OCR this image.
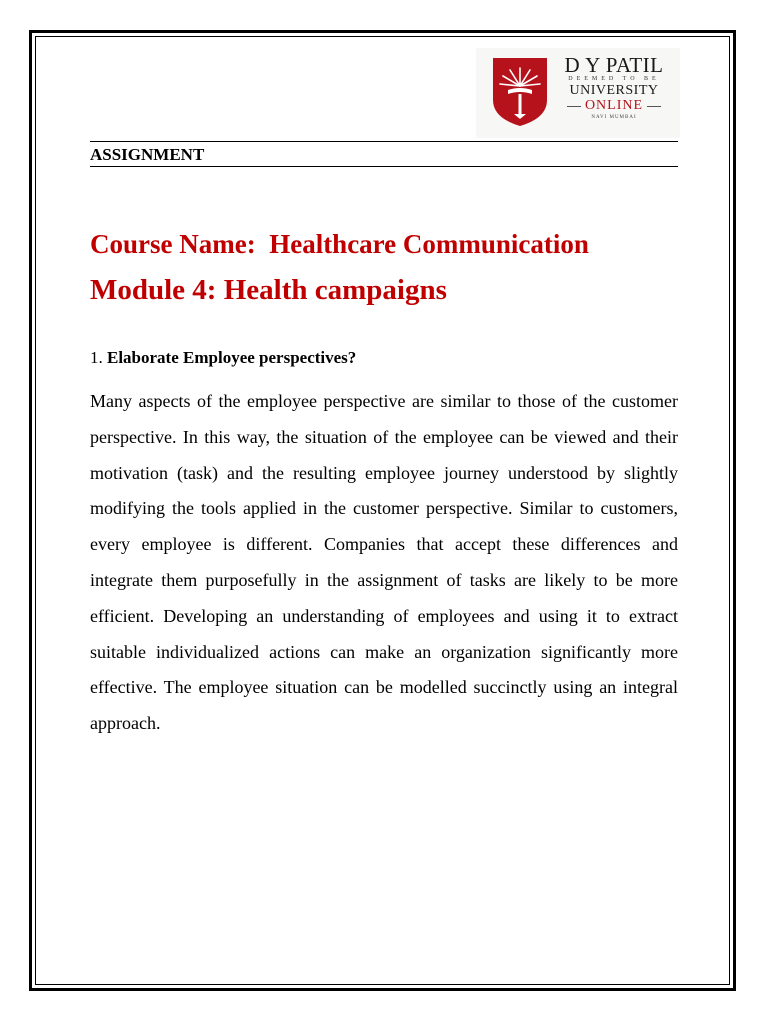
D Y PATIL
DEEMED TO BE
UNIVERSITY
ONLINE
NAVI MUMBAI
ASSIGNMENT
Course Name:  Healthcare Communication
Module 4: Health campaigns
1. Elaborate Employee perspectives?

Many aspects of the employee perspective are similar to those of the customer perspective. In this way, the situation of the employee can be viewed and their motivation (task) and the resulting employee journey understood by slightly modifying the tools applied in the customer perspective. Similar to customers, every employee is different. Companies that accept these differences and integrate them purposefully in the assignment of tasks are likely to be more efficient. Developing an understanding of employees and using it to extract suitable individualized actions can make an organization significantly more effective. The employee situation can be modelled succinctly using an integral approach.
